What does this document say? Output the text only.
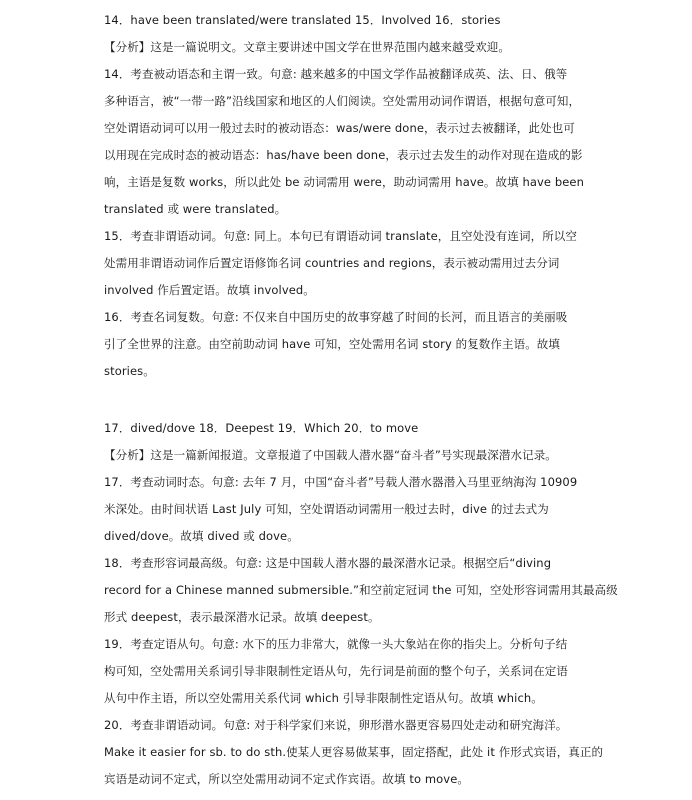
14．have been translated/were translated 15．Involved 16．stories
【分析】这是一篇说明文。文章主要讲述中国文学在世界范围内越来越受欢迎。
14．考查被动语态和主谓一致。句意: 越来越多的中国文学作品被翻译成英、法、日、俄等
多种语言，被“一带一路”沿线国家和地区的人们阅读。空处需用动词作谓语，根据句意可知，
空处谓语动词可以用一般过去时的被动语态：was/were done，表示过去被翻译，此处也可
以用现在完成时态的被动语态：has/have been done，表示过去发生的动作对现在造成的影
响，主语是复数 works，所以此处 be 动词需用 were，助动词需用 have。故填 have been
translated 或 were translated。
15．考查非谓语动词。句意: 同上。本句已有谓语动词 translate，且空处没有连词，所以空
处需用非谓语动词作后置定语修饰名词 countries and regions，表示被动需用过去分词
involved 作后置定语。故填 involved。
16．考查名词复数。句意: 不仅来自中国历史的故事穿越了时间的长河，而且语言的美丽吸
引了全世界的注意。由空前助动词 have 可知，空处需用名词 story 的复数作主语。故填
stories。
17．dived/dove 18．Deepest 19．Which 20．to move
【分析】这是一篇新闻报道。文章报道了中国载人潜水器“奋斗者”号实现最深潜水记录。
17．考查动词时态。句意: 去年 7 月，中国“奋斗者”号载人潜水器潜入马里亚纳海沟 10909
米深处。由时间状语 Last July 可知，空处谓语动词需用一般过去时，dive 的过去式为
dived/dove。故填 dived 或 dove。
18．考查形容词最高级。句意: 这是中国载人潜水器的最深潜水记录。根据空后“diving
record for a Chinese manned submersible.”和空前定冠词 the 可知，空处形容词需用其最高级
形式 deepest，表示最深潜水记录。故填 deepest。
19．考查定语从句。句意: 水下的压力非常大，就像一头大象站在你的指尖上。分析句子结
构可知，空处需用关系词引导非限制性定语从句，先行词是前面的整个句子，关系词在定语
从句中作主语，所以空处需用关系代词 which 引导非限制性定语从句。故填 which。
20．考查非谓语动词。句意: 对于科学家们来说，卵形潜水器更容易四处走动和研究海洋。
Make it easier for sb. to do sth.使某人更容易做某事，固定搭配，此处 it 作形式宾语，真正的
宾语是动词不定式，所以空处需用动词不定式作宾语。故填 to move。
